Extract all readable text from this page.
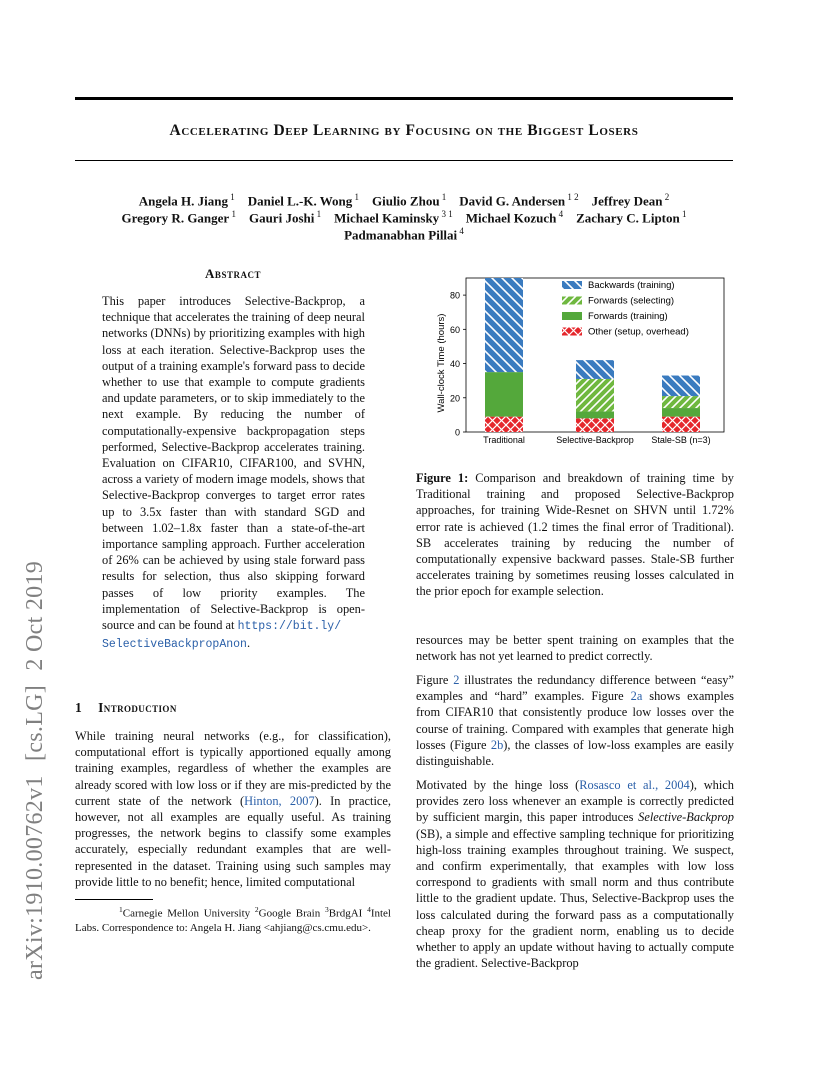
Accelerating Deep Learning by Focusing on the Biggest Losers
Angela H. Jiang $^1$   Daniel L.-K. Wong $^1$   Giulio Zhou $^1$   David G. Andersen $^{1 2}$   Jeffrey Dean $^2$
Gregory R. Ganger $^1$   Gauri Joshi $^1$   Michael Kaminsky $^{3 1}$   Michael Kozuch $^4$   Zachary C. Lipton $^1$
Padmanabhan Pillai $^4$
arXiv:1910.00762v1 [cs.LG] 2 Oct 2019
Abstract
This paper introduces Selective-Backprop, a technique that accelerates the training of deep neural networks (DNNs) by prioritizing examples with high loss at each iteration. Selective-Backprop uses the output of a training example's forward pass to decide whether to use that example to compute gradients and update parameters, or to skip immediately to the next example. By reducing the number of computationally-expensive backpropagation steps performed, Selective-Backprop accelerates training. Evaluation on CIFAR10, CIFAR100, and SVHN, across a variety of modern image models, shows that Selective-Backprop converges to target error rates up to 3.5x faster than with standard SGD and between 1.02–1.8x faster than a state-of-the-art importance sampling approach. Further acceleration of 26% can be achieved by using stale forward pass results for selection, thus also skipping forward passes of low priority examples. The implementation of Selective-Backprop is open-source and can be found at https://bit.ly/
SelectiveBackpropAnon.
1 Introduction
While training neural networks (e.g., for classification), computational effort is typically apportioned equally among training examples, regardless of whether the examples are already scored with low loss or if they are mis-predicted by the current state of the network (Hinton, 2007). In practice, however, not all examples are equally useful. As training progresses, the network begins to classify some examples accurately, especially redundant examples that are well-represented in the dataset. Training using such samples may provide little to no benefit; hence, limited computational
$^1$Carnegie Mellon University $^2$Google Brain $^3$BrdgAI $^4$Intel Labs. Correspondence to: Angela H. Jiang <ahjiang@cs.cmu.edu>.
0
20
40
60
80
Wall-clock Time (hours)
Traditional	Selective-Backprop Stale-SB (n=3)
Backwards (training)
Forwards (selecting)
Forwards (training)
Other (setup, overhead)
Figure 1: Comparison and breakdown of training time by Traditional training and proposed Selective-Backprop approaches, for training Wide-Resnet on SHVN until 1.72% error rate is achieved (1.2 times the final error of Traditional). SB accelerates training by reducing the number of computationally expensive backward passes. Stale-SB further accelerates training by sometimes reusing losses calculated in the prior epoch for example selection.
resources may be better spent training on examples that the network has not yet learned to predict correctly.
Figure 2 illustrates the redundancy difference between “easy” examples and “hard” examples. Figure 2a shows examples from CIFAR10 that consistently produce low losses over the course of training. Compared with examples that generate high losses (Figure 2b), the classes of low-loss examples are easily distinguishable.
Motivated by the hinge loss (Rosasco et al., 2004), which provides zero loss whenever an example is correctly predicted by sufficient margin, this paper introduces Selective-Backprop (SB), a simple and effective sampling technique for prioritizing high-loss training examples throughout training. We suspect, and confirm experimentally, that examples with low loss correspond to gradients with small norm and thus contribute little to the gradient update. Thus, Selective-Backprop uses the loss calculated during the forward pass as a computationally cheap proxy for the gradient norm, enabling us to decide whether to apply an update without having to actually compute the gradient. Selective-Backprop
